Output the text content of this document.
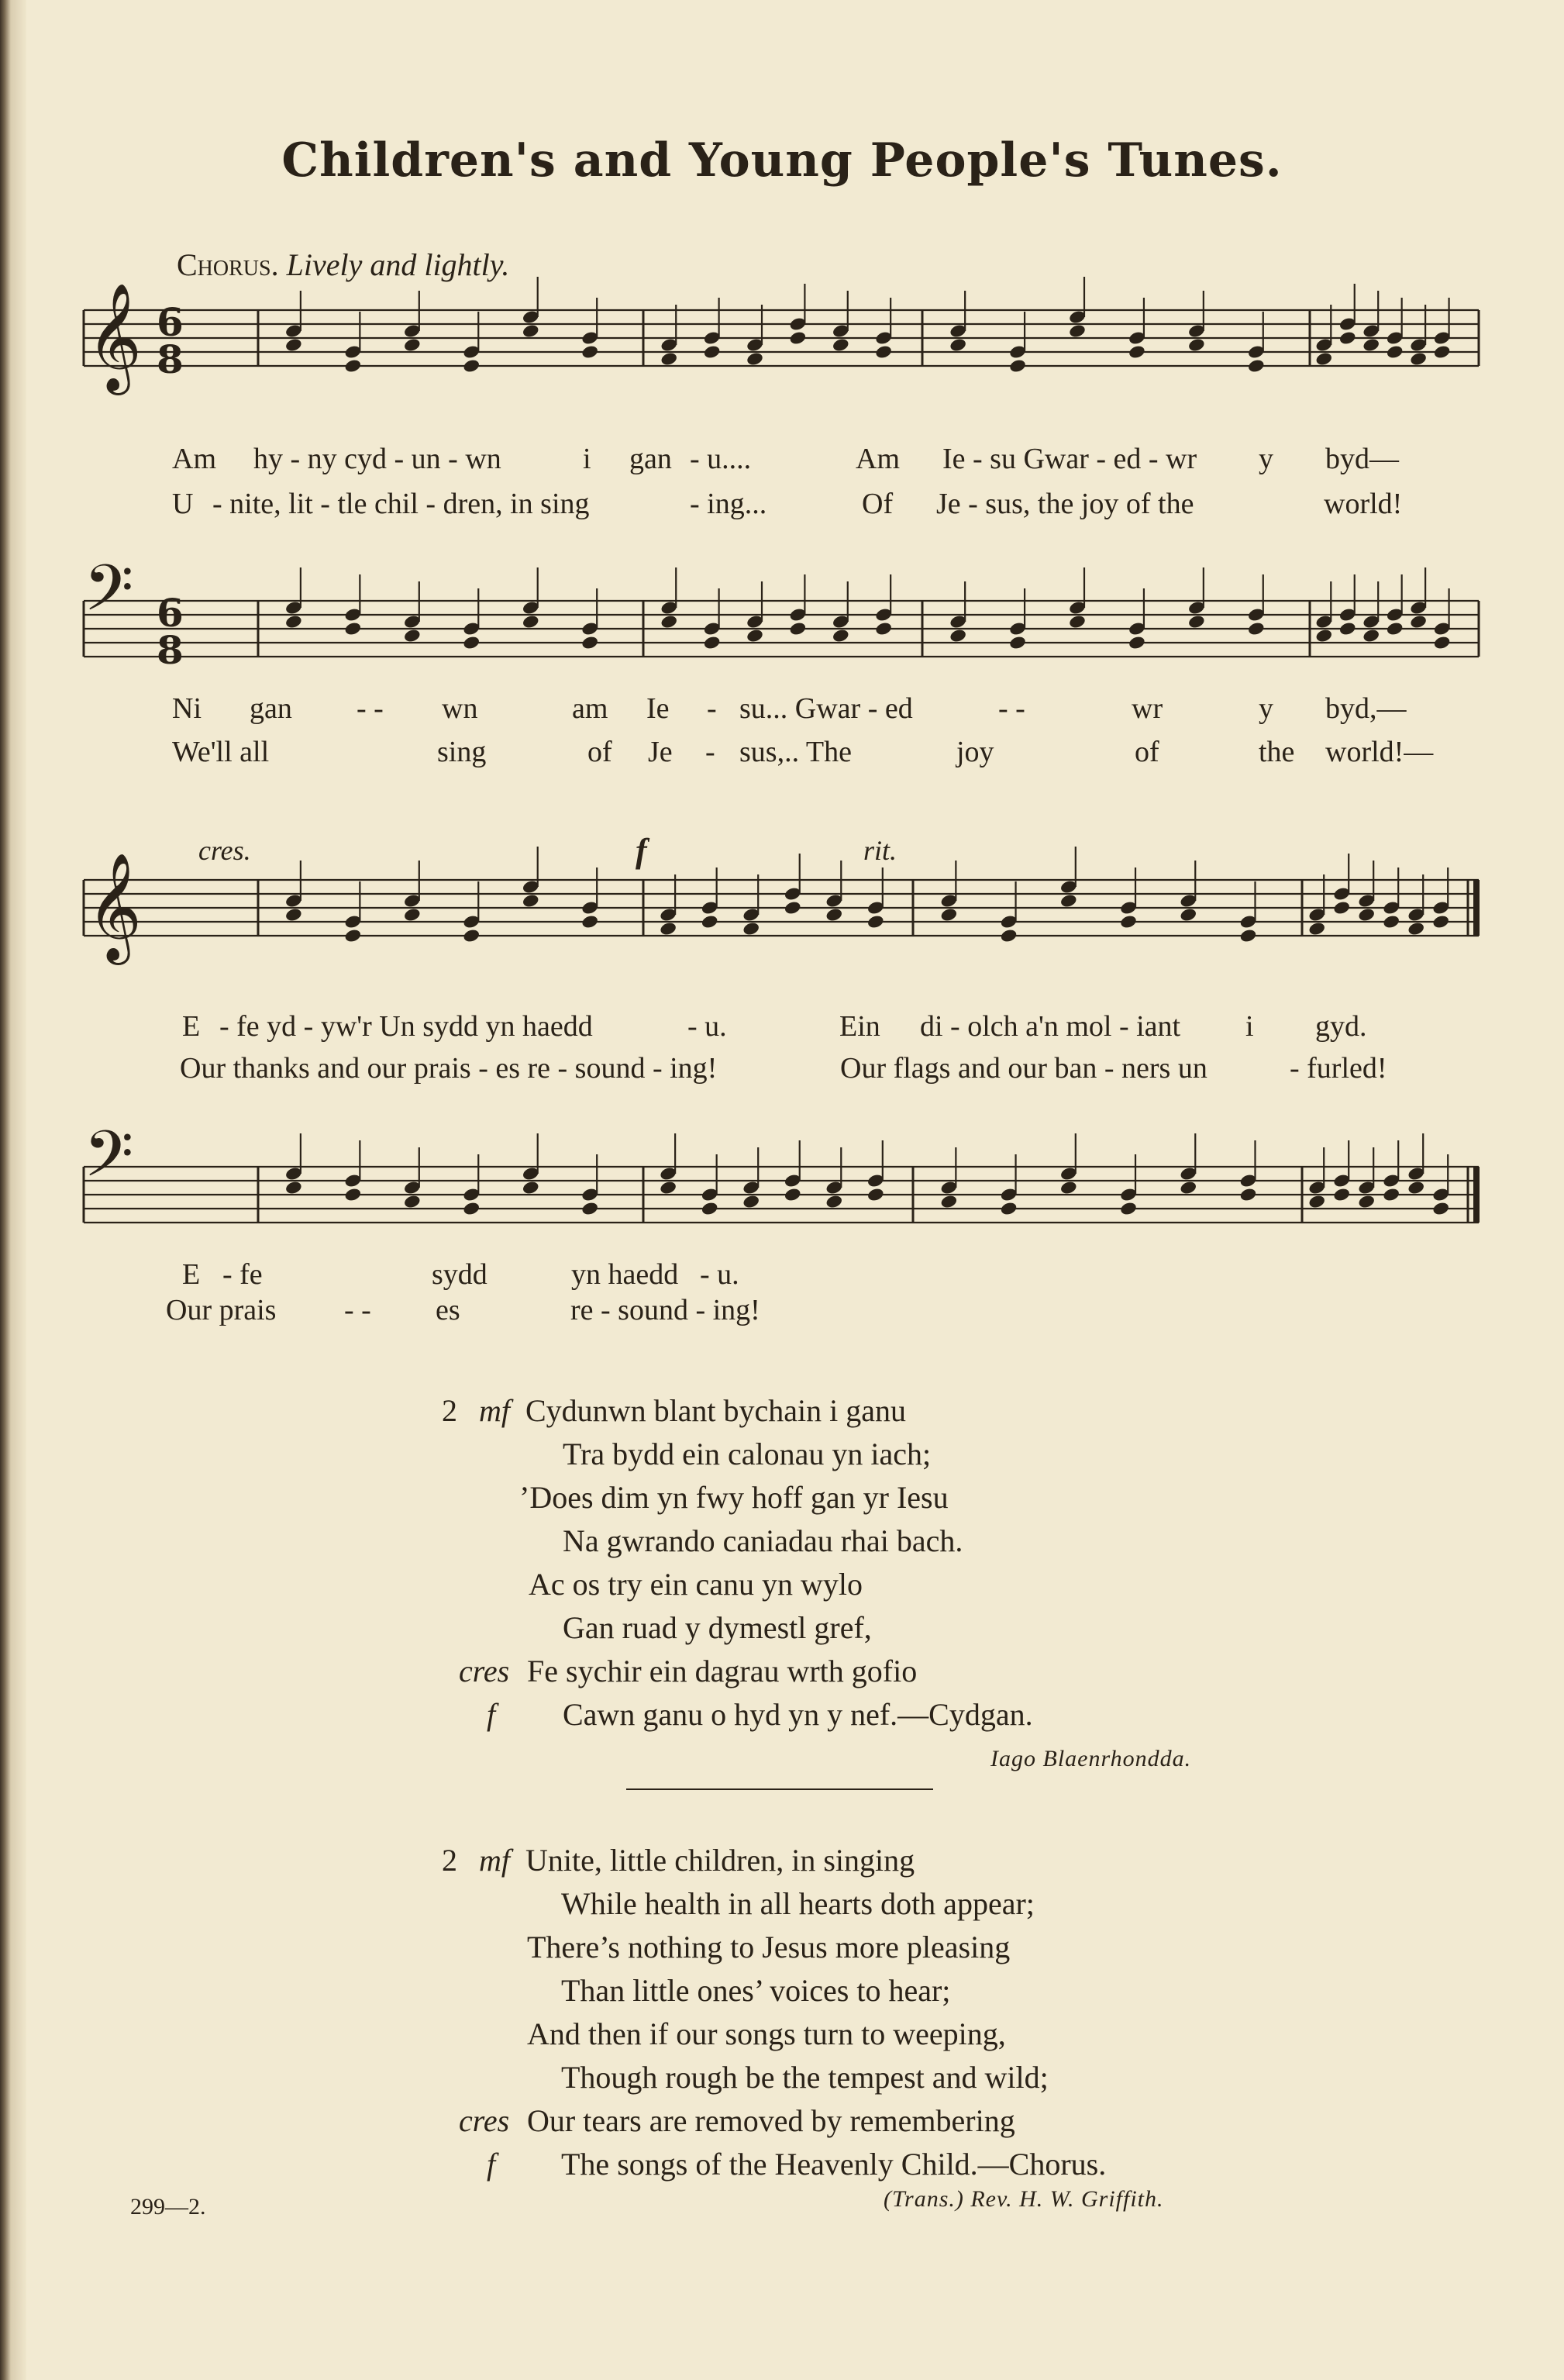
Children's and Young People's Tunes.
Chorus. Lively and lightly.
𝄞
𝄢
6
8
6
8
Am hy - ny cyd - un - wn	i gan - u....	Am Ie - su Gwar - ed - wr y byd—
U - nite, lit - tle chil - dren, in sing	- ing...	Of Je - sus, the joy of the	world!
Ni gan - - wn	am Ie - su... Gwar - ed	- -	wr	y byd,—
We'll all	sing	of Je - sus,.. The	joy	of	the world!—
cres.	f	rit.
𝄞
𝄢
E - fe yd - yw'r Un sydd yn haedd	- u.	Ein di - olch a'n mol - iant i gyd.
Our thanks and our prais - es re - sound - ing!	Our flags and our ban - ners un	- furled!
E - fe	sydd	yn haedd - u.
Our prais - - es	re - sound - ing!
2 mf Cydunwn blant bychain i ganu
Tra bydd ein calonau yn iach;
’Does dim yn fwy hoff gan yr Iesu
Na gwrando caniadau rhai bach.
Ac os try ein canu yn wylo
Gan ruad y dymestl gref,
cres Fe sychir ein dagrau wrth gofio
f Cawn ganu o hyd yn y nef.—Cydgan.
Iago Blaenrhondda.
2 mf Unite, little children, in singing
While health in all hearts doth appear;
There’s nothing to Jesus more pleasing
Than little ones’ voices to hear;
And then if our songs turn to weeping,
Though rough be the tempest and wild;
cres Our tears are removed by remembering
f The songs of the Heavenly Child.—Chorus.
299—2.	(Trans.) Rev. H. W. Griffith.
